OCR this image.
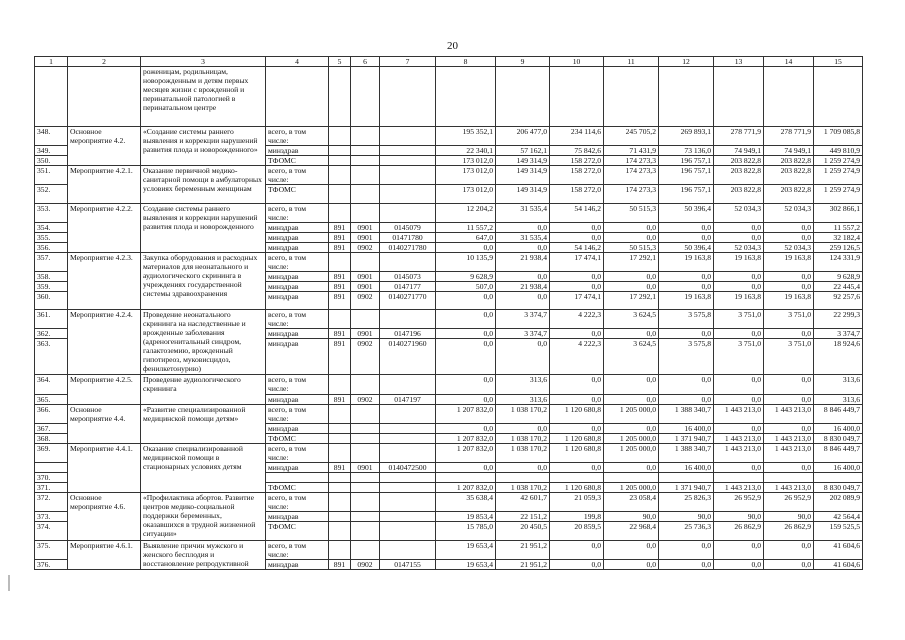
20
1	2	3	4	5	6	7	8	9	10	11	12	13	14	15
		роженицам, родильницам, новорожденным и детям первых месяцев жизни с врожденной и перинатальной патологией в перинатальном центре												
348.	Основное мероприятие 4.2.	«Создание системы раннего выявления и коррекции нарушений развития плода и новорожденного»	всего, в том числе:				195 352,1	206 477,0	234 114,6	245 705,2	269 893,1	278 771,9	278 771,9	1 709 085,8
349.			минздрав				22 340,1	57 162,1	75 842,6	71 431,9	73 136,0	74 949,1	74 949,1	449 810,9
350.			ТФОМС				173 012,0	149 314,9	158 272,0	174 273,3	196 757,1	203 822,8	203 822,8	1 259 274,9
351.	Мероприятие 4.2.1.	Оказание первичной медико-санитарной помощи в амбулаторных условиях беременным женщинам	всего, в том числе:				173 012,0	149 314,9	158 272,0	174 273,3	196 757,1	203 822,8	203 822,8	1 259 274,9
352.			ТФОМС				173 012,0	149 314,9	158 272,0	174 273,3	196 757,1	203 822,8	203 822,8	1 259 274,9
353.	Мероприятие 4.2.2.	Создание системы раннего выявления и коррекции нарушений развития плода и новорожденного	всего, в том числе:				12 204,2	31 535,4	54 146,2	50 515,3	50 396,4	52 034,3	52 034,3	302 866,1
354.			минздрав	891	0901	0145079	11 557,2	0,0	0,0	0,0	0,0	0,0	0,0	11 557,2
355.			минздрав	891	0901	01471780	647,0	31 535,4	0,0	0,0	0,0	0,0	0,0	32 182,4
356.			минздрав	891	0902	0140271780	0,0	0,0	54 146,2	50 515,3	50 396,4	52 034,3	52 034,3	259 126,5
357.	Мероприятие 4.2.3.	Закупка оборудования и расходных материалов для неонатального и аудиологического скрининга в учреждениях государственной системы здравоохранения	всего, в том числе:				10 135,9	21 938,4	17 474,1	17 292,1	19 163,8	19 163,8	19 163,8	124 331,9
358.			минздрав	891	0901	0145073	9 628,9	0,0	0,0	0,0	0,0	0,0	0,0	9 628,9
359.			минздрав	891	0901	0147177	507,0	21 938,4	0,0	0,0	0,0	0,0	0,0	22 445,4
360.			минздрав	891	0902	0140271770	0,0	0,0	17 474,1	17 292,1	19 163,8	19 163,8	19 163,8	92 257,6
361.	Мероприятие 4.2.4.	Проведение неонатального скрининга на наследственные и врожденные заболевания (адреногенитальный синдром, галактоземию, врожденный гипотиреоз, муковисцидоз, фенилкетонурию)	всего, в том числе:				0,0	3 374,7	4 222,3	3 624,5	3 575,8	3 751,0	3 751,0	22 299,3
362.			минздрав	891	0901	0147196	0,0	3 374,7	0,0	0,0	0,0	0,0	0,0	3 374,7
363.			минздрав	891	0902	0140271960	0,0	0,0	4 222,3	3 624,5	3 575,8	3 751,0	3 751,0	18 924,6
364.	Мероприятие 4.2.5.	Проведение аудиологического скрининга	всего, в том числе:				0,0	313,6	0,0	0,0	0,0	0,0	0,0	313,6
365.			минздрав	891	0902	0147197	0,0	313,6	0,0	0,0	0,0	0,0	0,0	313,6
366.	Основное мероприятие 4.4.	«Развитие специализированной медицинской помощи детям»	всего, в том числе:				1 207 832,0	1 038 170,2	1 120 680,8	1 205 000,0	1 388 340,7	1 443 213,0	1 443 213,0	8 846 449,7
367.			минздрав				0,0	0,0	0,0	0,0	16 400,0	0,0	0,0	16 400,0
368.			ТФОМС				1 207 832,0	1 038 170,2	1 120 680,8	1 205 000,0	1 371 940,7	1 443 213,0	1 443 213,0	8 830 049,7
369.	Мероприятие 4.4.1.	Оказание специализированной медицинской помощи в стационарных условиях детям	всего, в том числе:				1 207 832,0	1 038 170,2	1 120 680,8	1 205 000,0	1 388 340,7	1 443 213,0	1 443 213,0	8 846 449,7
			минздрав	891	0901	0140472500	0,0	0,0	0,0	0,0	16 400,0	0,0	0,0	16 400,0
370.														
371.			ТФОМС				1 207 832,0	1 038 170,2	1 120 680,8	1 205 000,0	1 371 940,7	1 443 213,0	1 443 213,0	8 830 049,7
372.	Основное мероприятие 4.6.	«Профилактика абортов. Развитие центров медико-социальной поддержки беременных, оказавшихся в трудной жизненной ситуации»	всего, в том числе:				35 638,4	42 601,7	21 059,3	23 058,4	25 826,3	26 952,9	26 952,9	202 089,9
373.			минздрав				19 853,4	22 151,2	199,8	90,0	90,0	90,0	90,0	42 564,4
374.			ТФОМС				15 785,0	20 450,5	20 859,5	22 968,4	25 736,3	26 862,9	26 862,9	159 525,5
375.	Мероприятие 4.6.1.	Выявление причин мужского и женского бесплодия и восстановление репродуктивной	всего, в том числе:				19 653,4	21 951,2	0,0	0,0	0,0	0,0	0,0	41 604,6
376.			минздрав	891	0902	0147155	19 653,4	21 951,2	0,0	0,0	0,0	0,0	0,0	41 604,6
